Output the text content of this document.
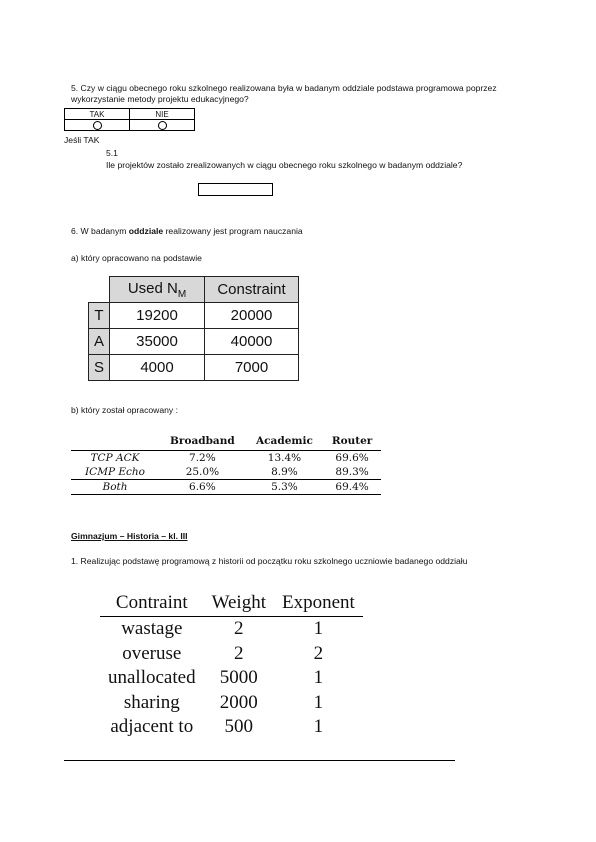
5. Czy w ciągu obecnego roku szkolnego realizowana była w badanym oddziale podstawa programowa poprzez wykorzystanie metody projektu edukacyjnego?
TAK	NIE

Jeśli TAK
5.1
Ile projektów zostało zrealizowanych w ciągu obecnego roku szkolnego w badanym oddziale?
6. W badanym oddziale realizowany jest program nauczania
a) który opracowano na podstawie
	Used $N_M$	Constraint
T	19200	20000
A	35000	40000
S	4000	7000
b) który został opracowany :
	Broadband	Academic	Router
TCP ACK	7.2%	13.4%	69.6%
ICMP Echo	25.0%	8.9%	89.3%
Both	6.6%	5.3%	69.4%
Gimnazjum – Historia – kl. III
1. Realizując podstawę programową z historii od początku roku szkolnego uczniowie badanego oddziału
Contraint	Weight	Exponent
wastage	2	1
overuse	2	2
unallocated	5000	1
sharing	2000	1
adjacent to	500	1
